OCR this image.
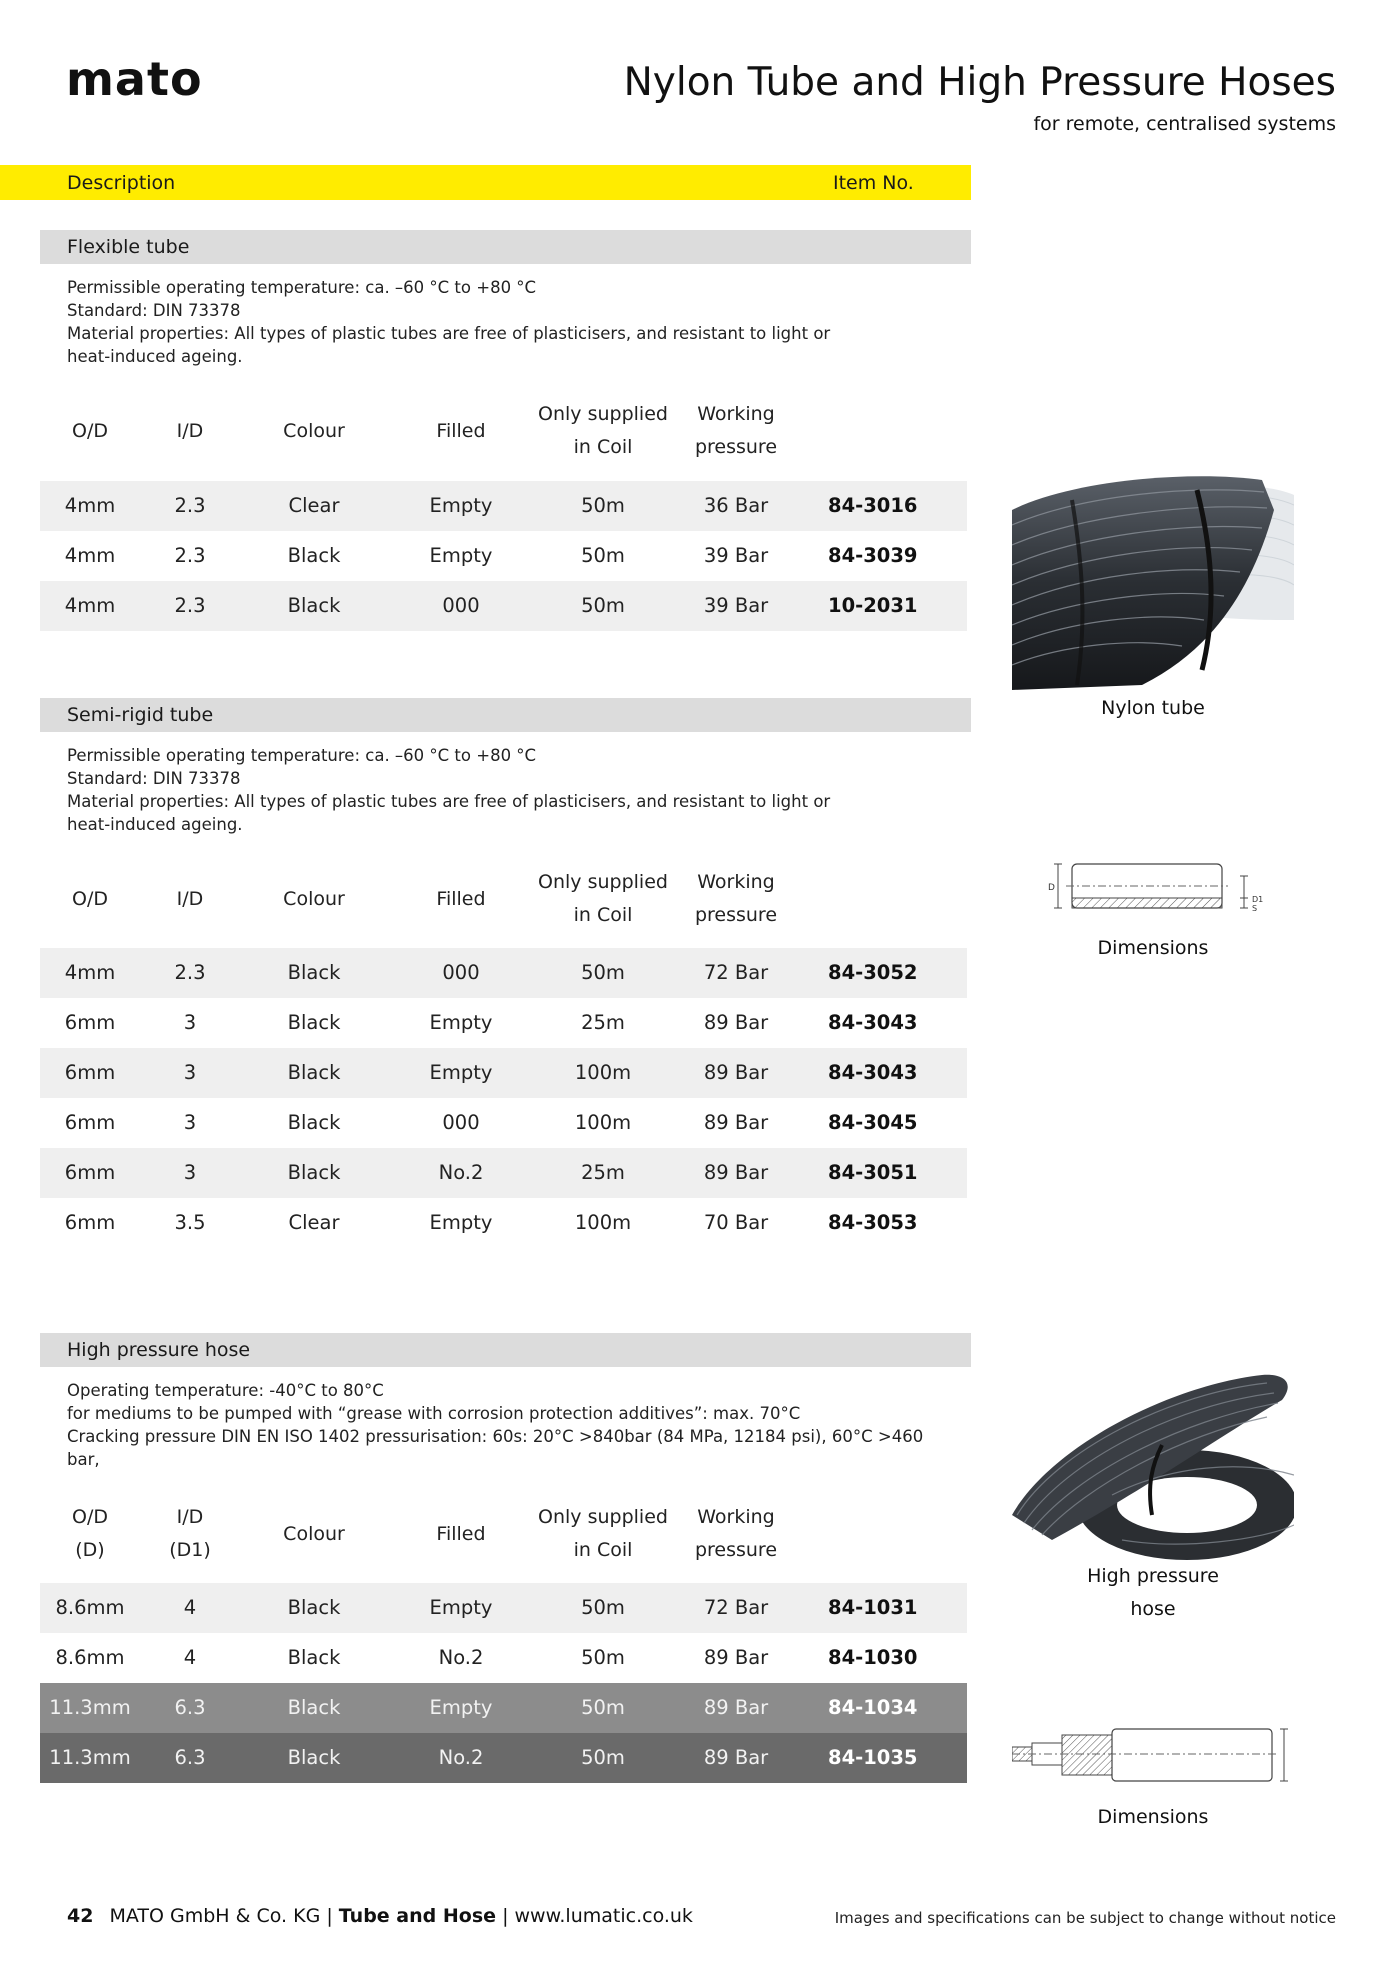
mato	Nylon Tube and High Pressure Hoses
for remote, centralised systems
Description	Item No.
Flexible tube
Permissible operating temperature: ca. –60 °C to +80 °C
Standard: DIN 73378
Material properties: All types of plastic tubes are free of plasticisers, and resistant to light or
heat-induced ageing.
O/D	I/D	Colour	Filled
Only supplied
in Coil
Working
pressure
4mm	2.3	Clear	Empty	50m	36 Bar	84-3016
4mm	2.3	Black	Empty	50m	39 Bar	84-3039
4mm	2.3	Black	000	50m	39 Bar	10-2031
Semi-rigid tube
Permissible operating temperature: ca. –60 °C to +80 °C
Standard: DIN 73378
Material properties: All types of plastic tubes are free of plasticisers, and resistant to light or
heat-induced ageing.
O/D	I/D	Colour	Filled
Only supplied
in Coil
Working
pressure
4mm	2.3	Black	000	50m	72 Bar	84-3052
6mm	3	Black	Empty	25m	89 Bar	84-3043
6mm	3	Black	Empty	100m	89 Bar	84-3043
6mm	3	Black	000	100m	89 Bar	84-3045
6mm	3	Black	No.2	25m	89 Bar	84-3051
6mm	3.5	Clear	Empty	100m	70 Bar	84-3053
High pressure hose
Operating temperature: -40°C to 80°C
for mediums to be pumped with “grease with corrosion protection additives”: max. 70°C
Cracking pressure DIN EN ISO 1402 pressurisation: 60s: 20°C >840bar (84 MPa, 12184 psi), 60°C >460
bar,
O/D
(D)
I/D
(D1)
Colour	Filled
Only supplied
in Coil
Working
pressure
8.6mm	4	Black	Empty	50m	72 Bar	84-1031
8.6mm	4	Black	No.2	50m	89 Bar	84-1030
11.3mm	6.3	Black	Empty	50m	89 Bar	84-1034
11.3mm	6.3	Black	No.2	50m	89 Bar	84-1035
Nylon tube
D
D1
S
Dimensions
High pressure
hose
Dimensions
42 MATO GmbH & Co. KG | Tube and Hose | www.lumatic.co.uk	Images and specifications can be subject to change without notice
